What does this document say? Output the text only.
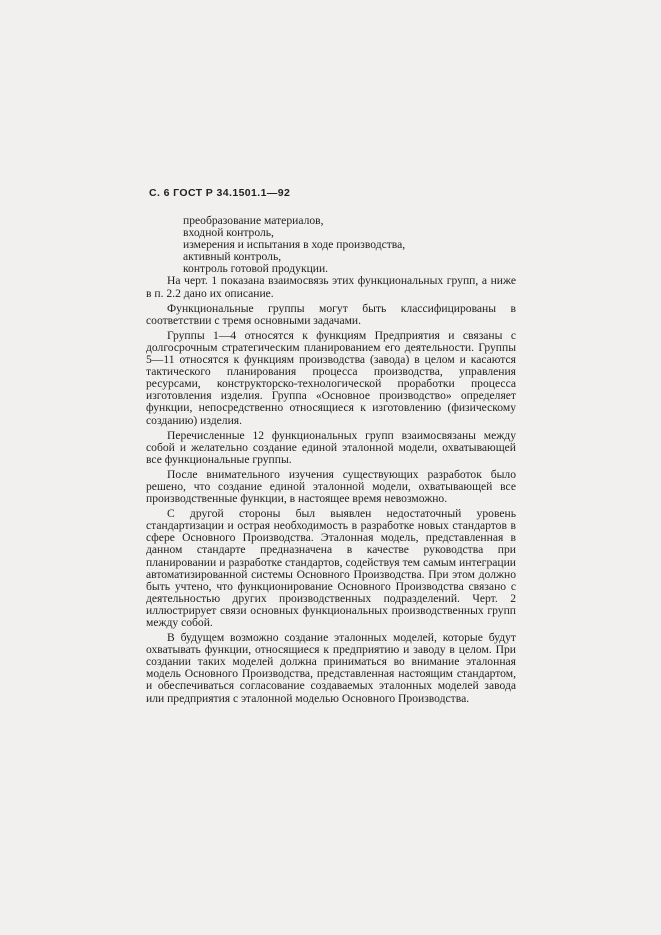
С. 6 ГОСТ Р 34.1501.1—92
преобразование материалов,
входной контроль,
измерения и испытания в ходе производства,
активный контроль,
контроль готовой продукции.

На черт. 1 показана взаимосвязь этих функциональных групп, а ниже в п. 2.2 дано их описание.

Функциональные группы могут быть классифицированы в соответствии с тремя основными задачами.

Группы 1—4 относятся к функциям Предприятия и связаны с долгосрочным стратегическим планированием его деятельности. Группы 5—11 относятся к функциям производства (завода) в целом и касаются тактического планирования процесса производства, управления ресурсами, конструкторско-технологической проработки процесса изготовления изделия. Группа «Основное производство» определяет функции, непосредственно относящиеся к изготовлению (физическому созданию) изделия.

Перечисленные 12 функциональных групп взаимосвязаны между собой и желательно создание единой эталонной модели, охватывающей все функциональные группы.

После внимательного изучения существующих разработок было решено, что создание единой эталонной модели, охватывающей все производственные функции, в настоящее время невозможно.

С другой стороны был выявлен недостаточный уровень стандартизации и острая необходимость в разработке новых стандартов в сфере Основного Производства. Эталонная модель, представленная в данном стандарте предназначена в качестве руководства при планировании и разработке стандартов, содействуя тем самым интеграции автоматизированной системы Основного Производства. При этом должно быть учтено, что функционирование Основного Производства связано с деятельностью других производственных подразделений. Черт. 2 иллюстрирует связи основных функциональных производственных групп между собой.

В будущем возможно создание эталонных моделей, которые будут охватывать функции, относящиеся к предприятию и заводу в целом. При создании таких моделей должна приниматься во внимание эталонная модель Основного Производства, представленная настоящим стандартом, и обеспечиваться согласование создаваемых эталонных моделей завода или предприятия с эталонной моделью Основного Производства.
